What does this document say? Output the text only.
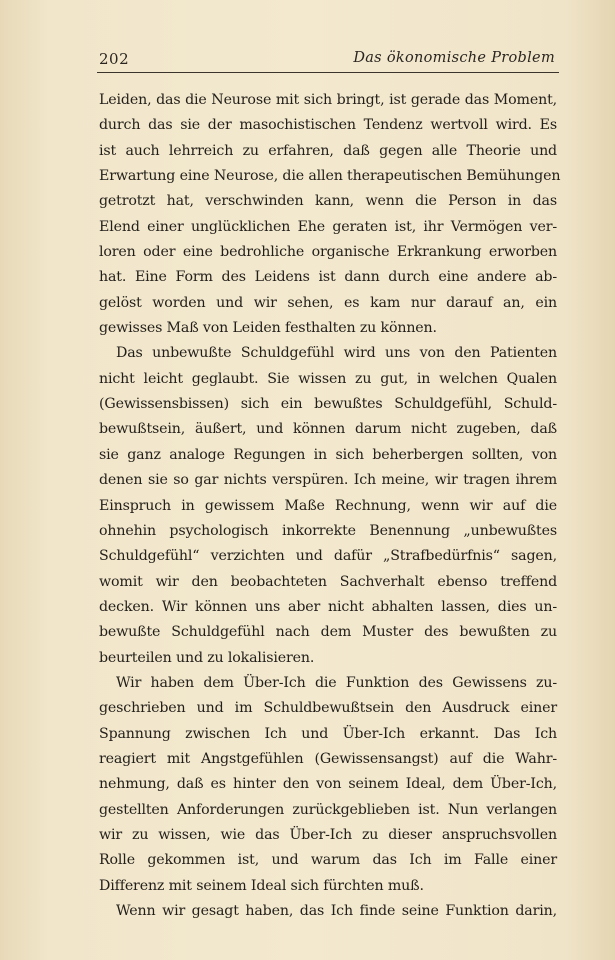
202	Das ökonomische Problem
Leiden, das die Neurose mit sich bringt, ist gerade das Moment,
durch das sie der masochistischen Tendenz wertvoll wird. Es
ist auch lehrreich zu erfahren, daß gegen alle Theorie und
Erwartung eine Neurose, die allen therapeutischen Bemühungen
getrotzt hat, verschwinden kann, wenn die Person in das
Elend einer unglücklichen Ehe geraten ist, ihr Vermögen ver-
loren oder eine bedrohliche organische Erkrankung erworben
hat. Eine Form des Leidens ist dann durch eine andere ab-
gelöst worden und wir sehen, es kam nur darauf an, ein
gewisses Maß von Leiden festhalten zu können.
Das unbewußte Schuldgefühl wird uns von den Patienten
nicht leicht geglaubt. Sie wissen zu gut, in welchen Qualen
(Gewissensbissen) sich ein bewußtes Schuldgefühl, Schuld-
bewußtsein, äußert, und können darum nicht zugeben, daß
sie ganz analoge Regungen in sich beherbergen sollten, von
denen sie so gar nichts verspüren. Ich meine, wir tragen ihrem
Einspruch in gewissem Maße Rechnung, wenn wir auf die
ohnehin psychologisch inkorrekte Benennung „unbewußtes
Schuldgefühl“ verzichten und dafür „Strafbedürfnis“ sagen,
womit wir den beobachteten Sachverhalt ebenso treffend
decken. Wir können uns aber nicht abhalten lassen, dies un-
bewußte Schuldgefühl nach dem Muster des bewußten zu
beurteilen und zu lokalisieren.
Wir haben dem Über-Ich die Funktion des Gewissens zu-
geschrieben und im Schuldbewußtsein den Ausdruck einer
Spannung zwischen Ich und Über-Ich erkannt. Das Ich
reagiert mit Angstgefühlen (Gewissensangst) auf die Wahr-
nehmung, daß es hinter den von seinem Ideal, dem Über-Ich,
gestellten Anforderungen zurückgeblieben ist. Nun verlangen
wir zu wissen, wie das Über-Ich zu dieser anspruchsvollen
Rolle gekommen ist, und warum das Ich im Falle einer
Differenz mit seinem Ideal sich fürchten muß.
Wenn wir gesagt haben, das Ich finde seine Funktion darin,
